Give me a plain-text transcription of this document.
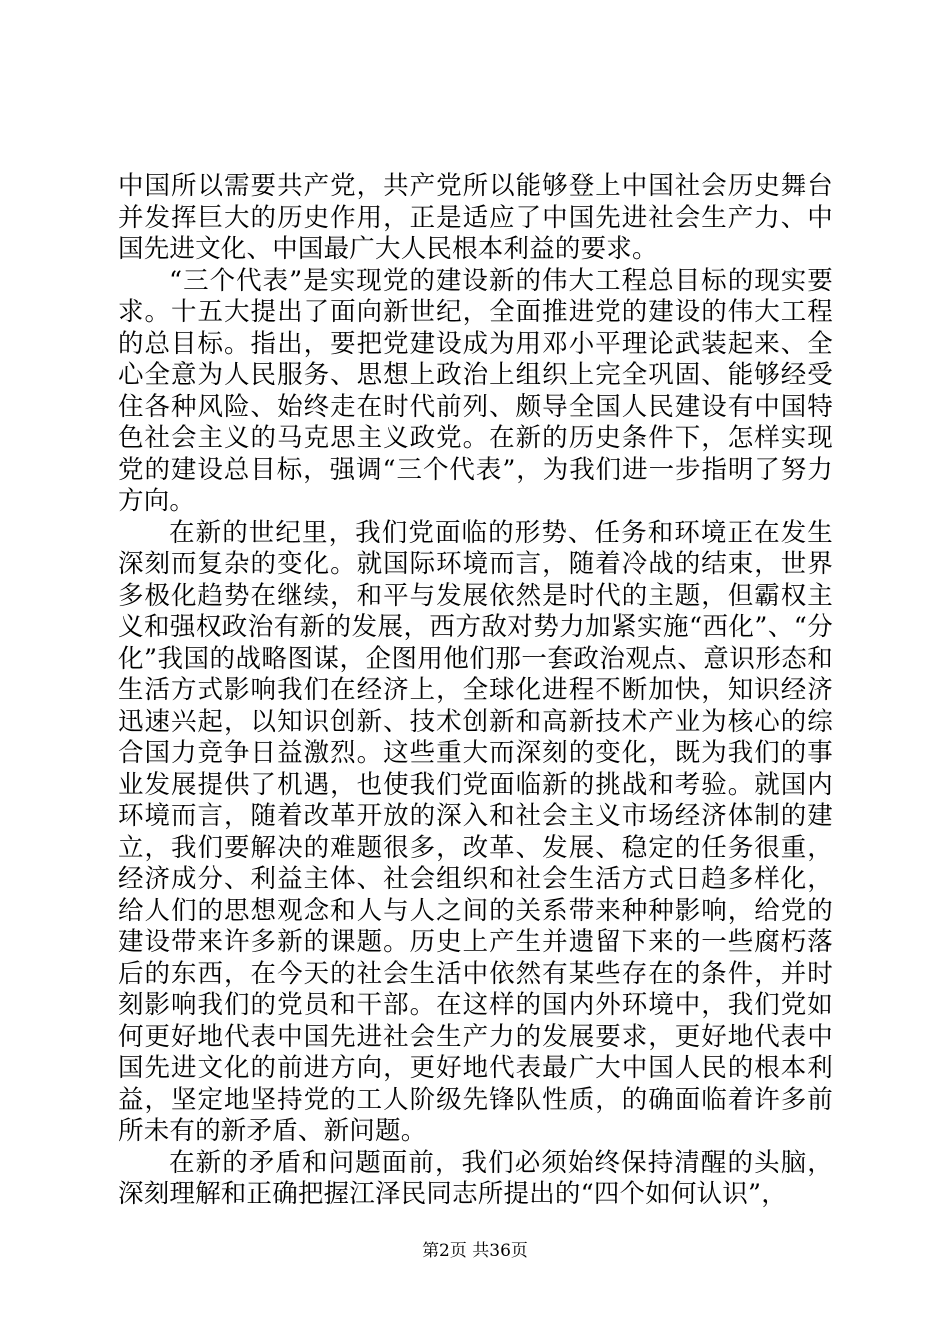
中国所以需要共产党，共产党所以能够登上中国社会历史舞台并发挥巨大的历史作用，正是适应了中国先进社会生产力、中国先进文化、中国最广大人民根本利益的要求。

“三个代表”是实现党的建设新的伟大工程总目标的现实要求。十五大提出了面向新世纪，全面推进党的建设的伟大工程的总目标。指出，要把党建设成为用邓小平理论武装起来、全心全意为人民服务、思想上政治上组织上完全巩固、能够经受住各种风险、始终走在时代前列、颇导全国人民建设有中国特色社会主义的马克思主义政党。在新的历史条件下，怎样实现党的建设总目标，强调“三个代表”，为我们进一步指明了努力方向。

在新的世纪里，我们党面临的形势、任务和环境正在发生深刻而复杂的变化。就国际环境而言，随着冷战的结束，世界多极化趋势在继续，和平与发展依然是时代的主题，但霸权主义和强权政治有新的发展，西方敌对势力加紧实施“西化”、“分化”我国的战略图谋，企图用他们那一套政治观点、意识形态和生活方式影响我们在经济上，全球化进程不断加快，知识经济迅速兴起，以知识创新、技术创新和高新技术产业为核心的综合国力竞争日益激烈。这些重大而深刻的变化，既为我们的事业发展提供了机遇，也使我们党面临新的挑战和考验。就国内环境而言，随着改革开放的深入和社会主义市场经济体制的建立，我们要解决的难题很多，改革、发展、稳定的任务很重，经济成分、利益主体、社会组织和社会生活方式日趋多样化，给人们的思想观念和人与人之间的关系带来种种影响，给党的建设带来许多新的课题。历史上产生并遗留下来的一些腐朽落后的东西，在今天的社会生活中依然有某些存在的条件，并时刻影响我们的党员和干部。在这样的国内外环境中，我们党如何更好地代表中国先进社会生产力的发展要求，更好地代表中国先进文化的前进方向，更好地代表最广大中国人民的根本利益，坚定地坚持党的工人阶级先锋队性质，的确面临着许多前所未有的新矛盾、新问题。

在新的矛盾和问题面前，我们必须始终保持清醒的头脑，深刻理解和正确把握江泽民同志所提出的“四个如何认识”，

第2页 共36页
